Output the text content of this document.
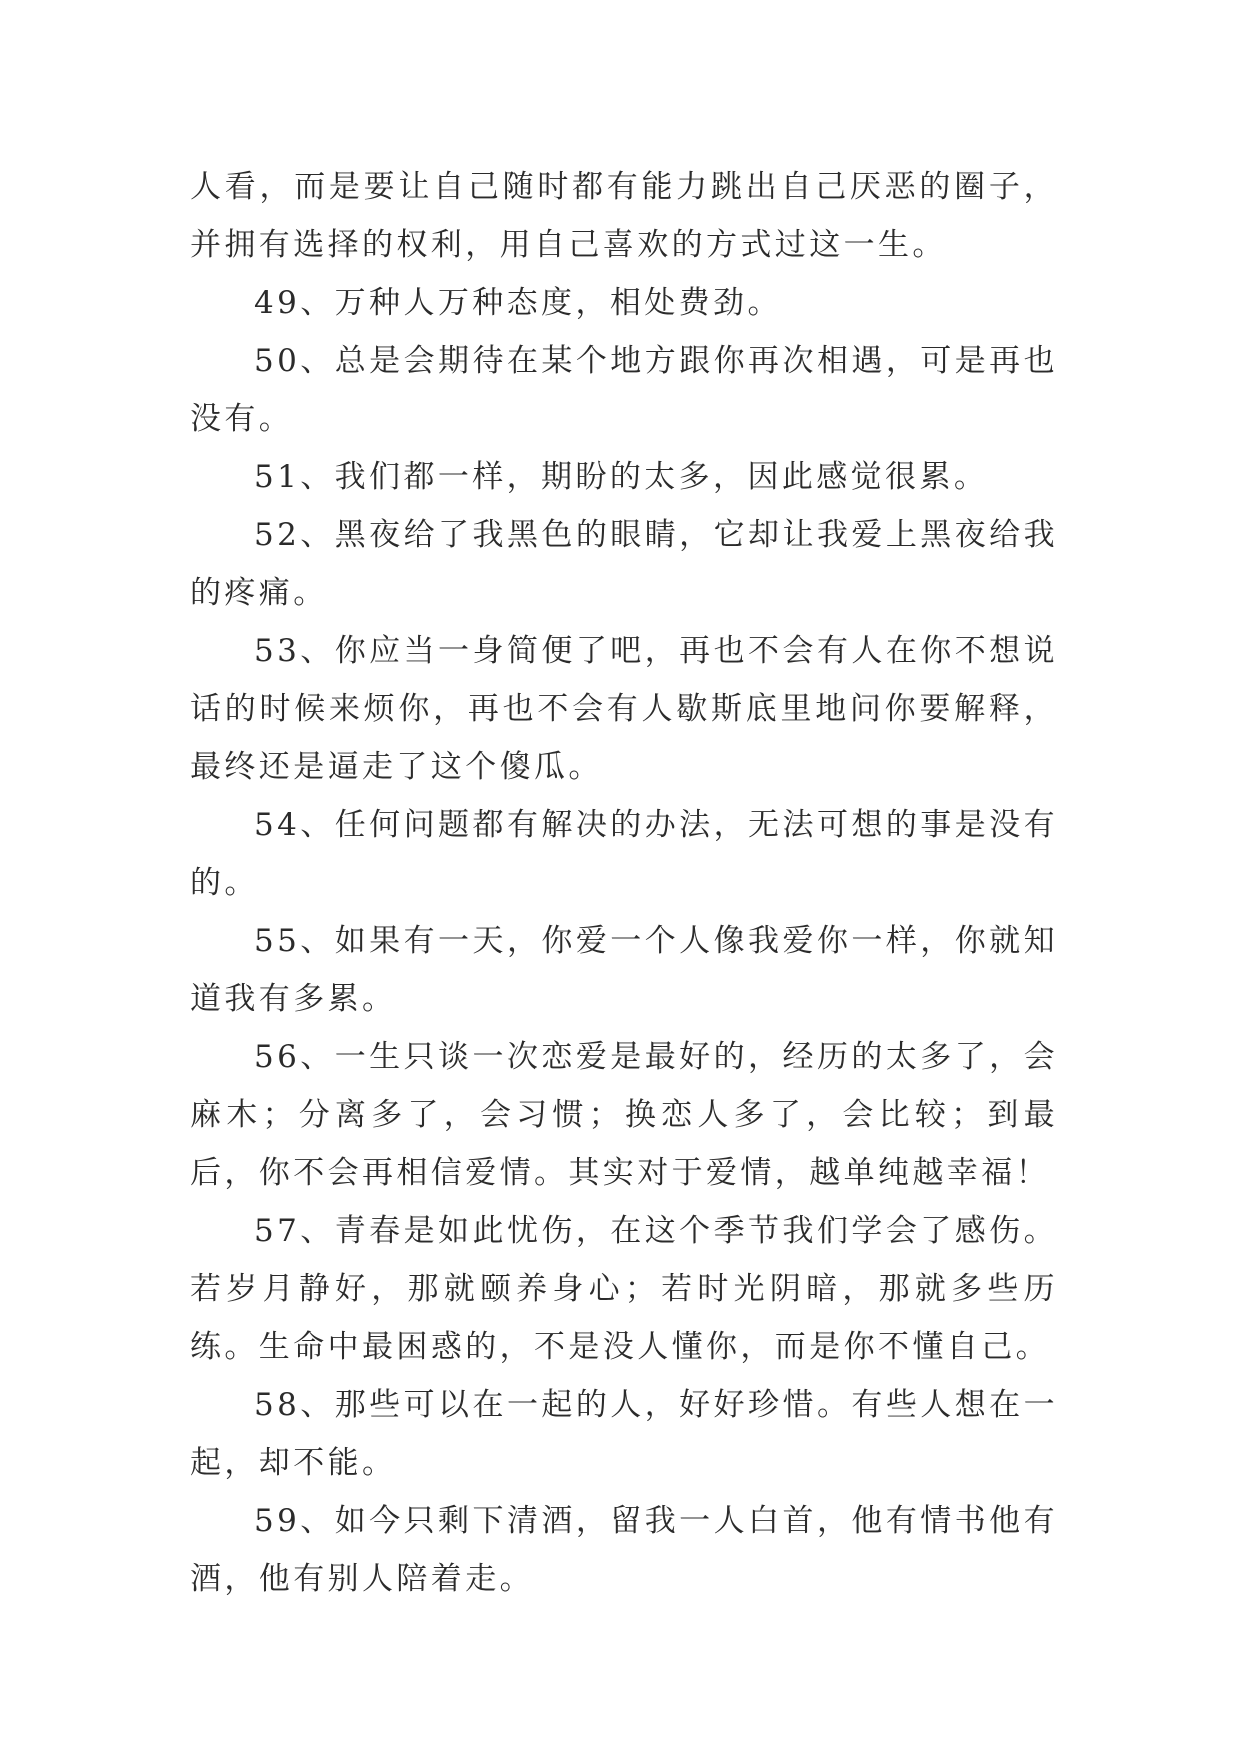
人看，而是要让自己随时都有能力跳出自己厌恶的圈子，并拥有选择的权利，用自己喜欢的方式过这一生。

49、万种人万种态度，相处费劲。

50、总是会期待在某个地方跟你再次相遇，可是再也没有。

51、我们都一样，期盼的太多，因此感觉很累。

52、黑夜给了我黑色的眼睛，它却让我爱上黑夜给我的疼痛。

53、你应当一身简便了吧，再也不会有人在你不想说话的时候来烦你，再也不会有人歇斯底里地问你要解释，最终还是逼走了这个傻瓜。

54、任何问题都有解决的办法，无法可想的事是没有的。

55、如果有一天，你爱一个人像我爱你一样，你就知道我有多累。

56、一生只谈一次恋爱是最好的，经历的太多了，会麻木；分离多了，会习惯；换恋人多了，会比较；到最后，你不会再相信爱情。其实对于爱情，越单纯越幸福！

57、青春是如此忧伤，在这个季节我们学会了感伤。若岁月静好，那就颐养身心；若时光阴暗，那就多些历练。生命中最困惑的，不是没人懂你，而是你不懂自己。

58、那些可以在一起的人，好好珍惜。有些人想在一起，却不能。

59、如今只剩下清酒，留我一人白首，他有情书他有酒，他有别人陪着走。
